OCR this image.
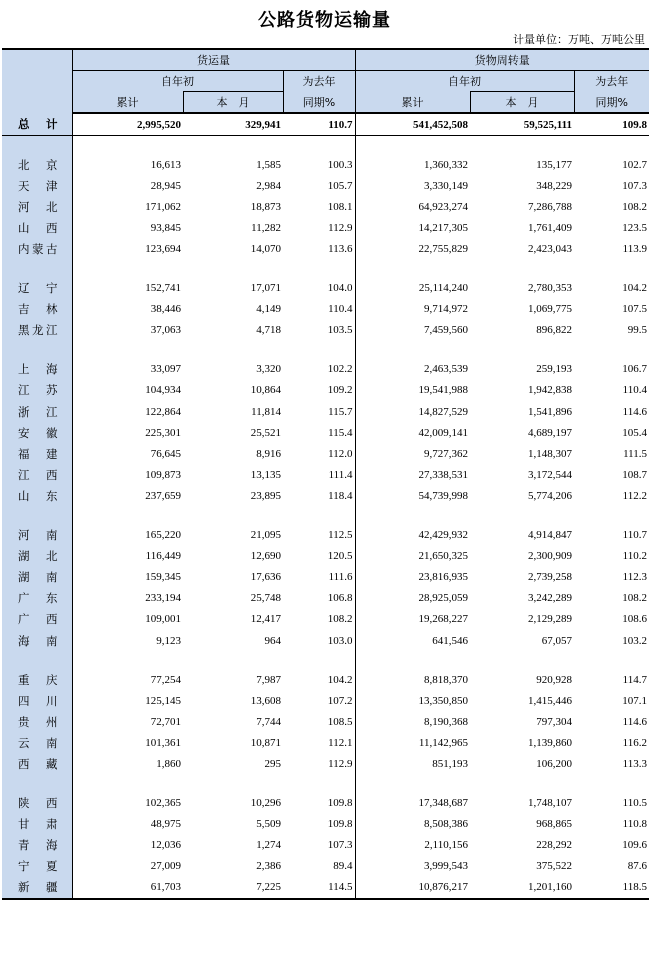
公路货物运输量
计量单位：万吨、万吨公里
	货运量			货物周转量		
	自年初		为去年	自年初		为去年
	累计	本　月	同期%	累计	本　月	同期%
总　计	2,995,520	329,941	110.7	541,452,508	59,525,111	109.8

北　京	16,613	1,585	100.3	1,360,332	135,177	102.7
天　津	28,945	2,984	105.7	3,330,149	348,229	107.3
河　北	171,062	18,873	108.1	64,923,274	7,286,788	108.2
山　西	93,845	11,282	112.9	14,217,305	1,761,409	123.5
内蒙古	123,694	14,070	113.6	22,755,829	2,423,043	113.9

辽　宁	152,741	17,071	104.0	25,114,240	2,780,353	104.2
吉　林	38,446	4,149	110.4	9,714,972	1,069,775	107.5
黑龙江	37,063	4,718	103.5	7,459,560	896,822	99.5

上　海	33,097	3,320	102.2	2,463,539	259,193	106.7
江　苏	104,934	10,864	109.2	19,541,988	1,942,838	110.4
浙　江	122,864	11,814	115.7	14,827,529	1,541,896	114.6
安　徽	225,301	25,521	115.4	42,009,141	4,689,197	105.4
福　建	76,645	8,916	112.0	9,727,362	1,148,307	111.5
江　西	109,873	13,135	111.4	27,338,531	3,172,544	108.7
山　东	237,659	23,895	118.4	54,739,998	5,774,206	112.2

河　南	165,220	21,095	112.5	42,429,932	4,914,847	110.7
湖　北	116,449	12,690	120.5	21,650,325	2,300,909	110.2
湖　南	159,345	17,636	111.6	23,816,935	2,739,258	112.3
广　东	233,194	25,748	106.8	28,925,059	3,242,289	108.2
广　西	109,001	12,417	108.2	19,268,227	2,129,289	108.6
海　南	9,123	964	103.0	641,546	67,057	103.2

重　庆	77,254	7,987	104.2	8,818,370	920,928	114.7
四　川	125,145	13,608	107.2	13,350,850	1,415,446	107.1
贵　州	72,701	7,744	108.5	8,190,368	797,304	114.6
云　南	101,361	10,871	112.1	11,142,965	1,139,860	116.2
西　藏	1,860	295	112.9	851,193	106,200	113.3

陕　西	102,365	10,296	109.8	17,348,687	1,748,107	110.5
甘　肃	48,975	5,509	109.8	8,508,386	968,865	110.8
青　海	12,036	1,274	107.3	2,110,156	228,292	109.6
宁　夏	27,009	2,386	89.4	3,999,543	375,522	87.6
新　疆	61,703	7,225	114.5	10,876,217	1,201,160	118.5
